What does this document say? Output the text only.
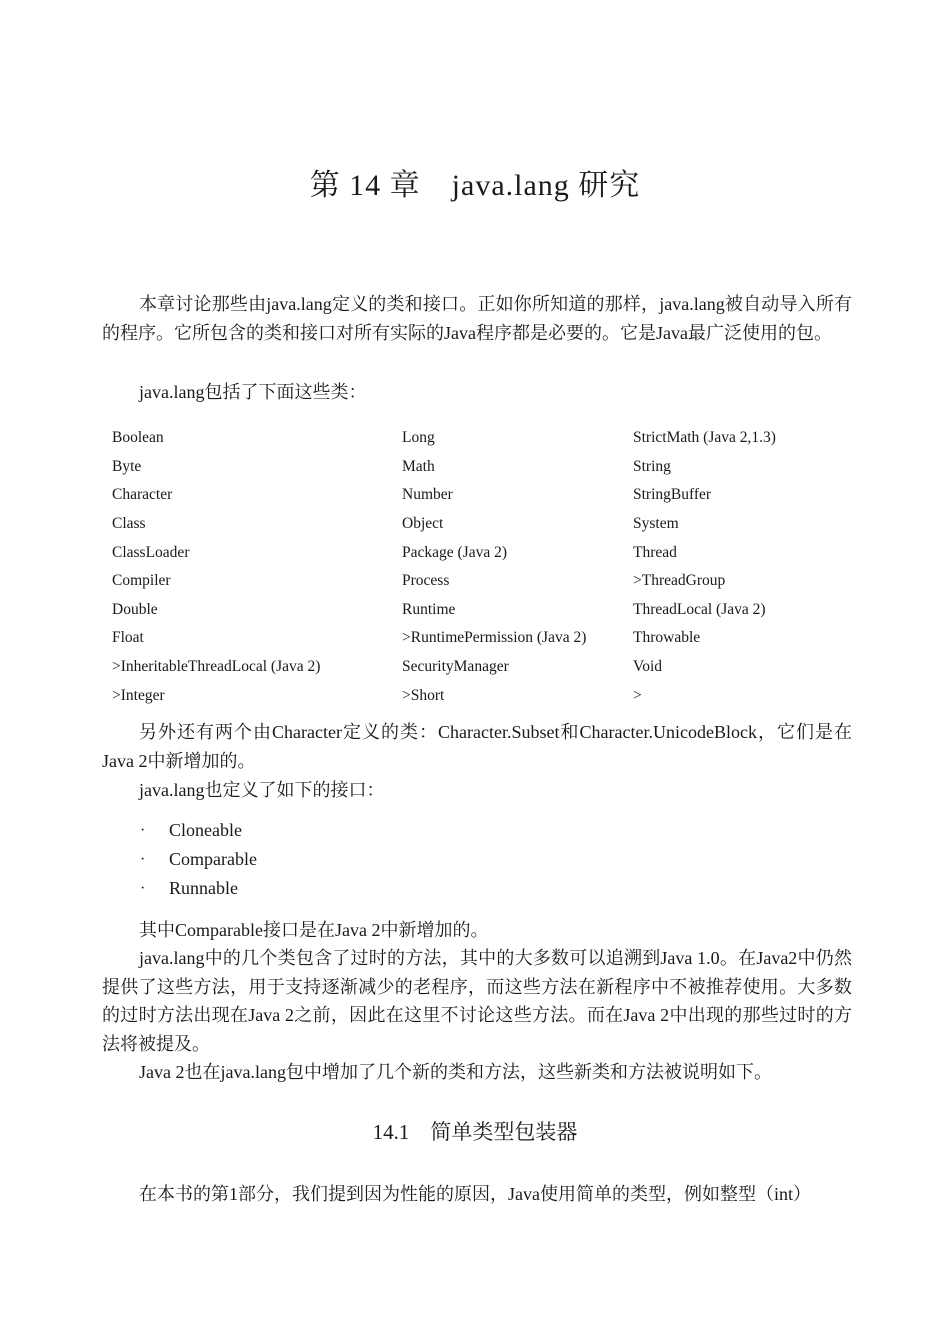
第 14 章　java.lang 研究

本章讨论那些由java.lang定义的类和接口。正如你所知道的那样，java.lang被自动导入所有的程序。它所包含的类和接口对所有实际的Java程序都是必要的。它是Java最广泛使用的包。

java.lang包括了下面这些类：

Boolean	Long	StrictMath (Java 2,1.3)
Byte	Math	String
Character	Number	StringBuffer
Class	Object	System
ClassLoader	Package (Java 2)	Thread
Compiler	Process	>ThreadGroup
Double	Runtime	ThreadLocal (Java 2)
Float	>RuntimePermission (Java 2)	Throwable
>InheritableThreadLocal (Java 2)	SecurityManager	Void
>Integer	>Short	>

另外还有两个由Character定义的类：Character.Subset和Character.UnicodeBlock，它们是在Java 2中新增加的。

java.lang也定义了如下的接口：

·	Cloneable
·	Comparable
·	Runnable

其中Comparable接口是在Java 2中新增加的。

java.lang中的几个类包含了过时的方法，其中的大多数可以追溯到Java 1.0。在Java2中仍然提供了这些方法，用于支持逐渐减少的老程序，而这些方法在新程序中不被推荐使用。大多数的过时方法出现在Java 2之前，因此在这里不讨论这些方法。而在Java 2中出现的那些过时的方法将被提及。

Java 2也在java.lang包中增加了几个新的类和方法，这些新类和方法被说明如下。

14.1　简单类型包装器

在本书的第1部分，我们提到因为性能的原因，Java使用简单的类型，例如整型（int）
